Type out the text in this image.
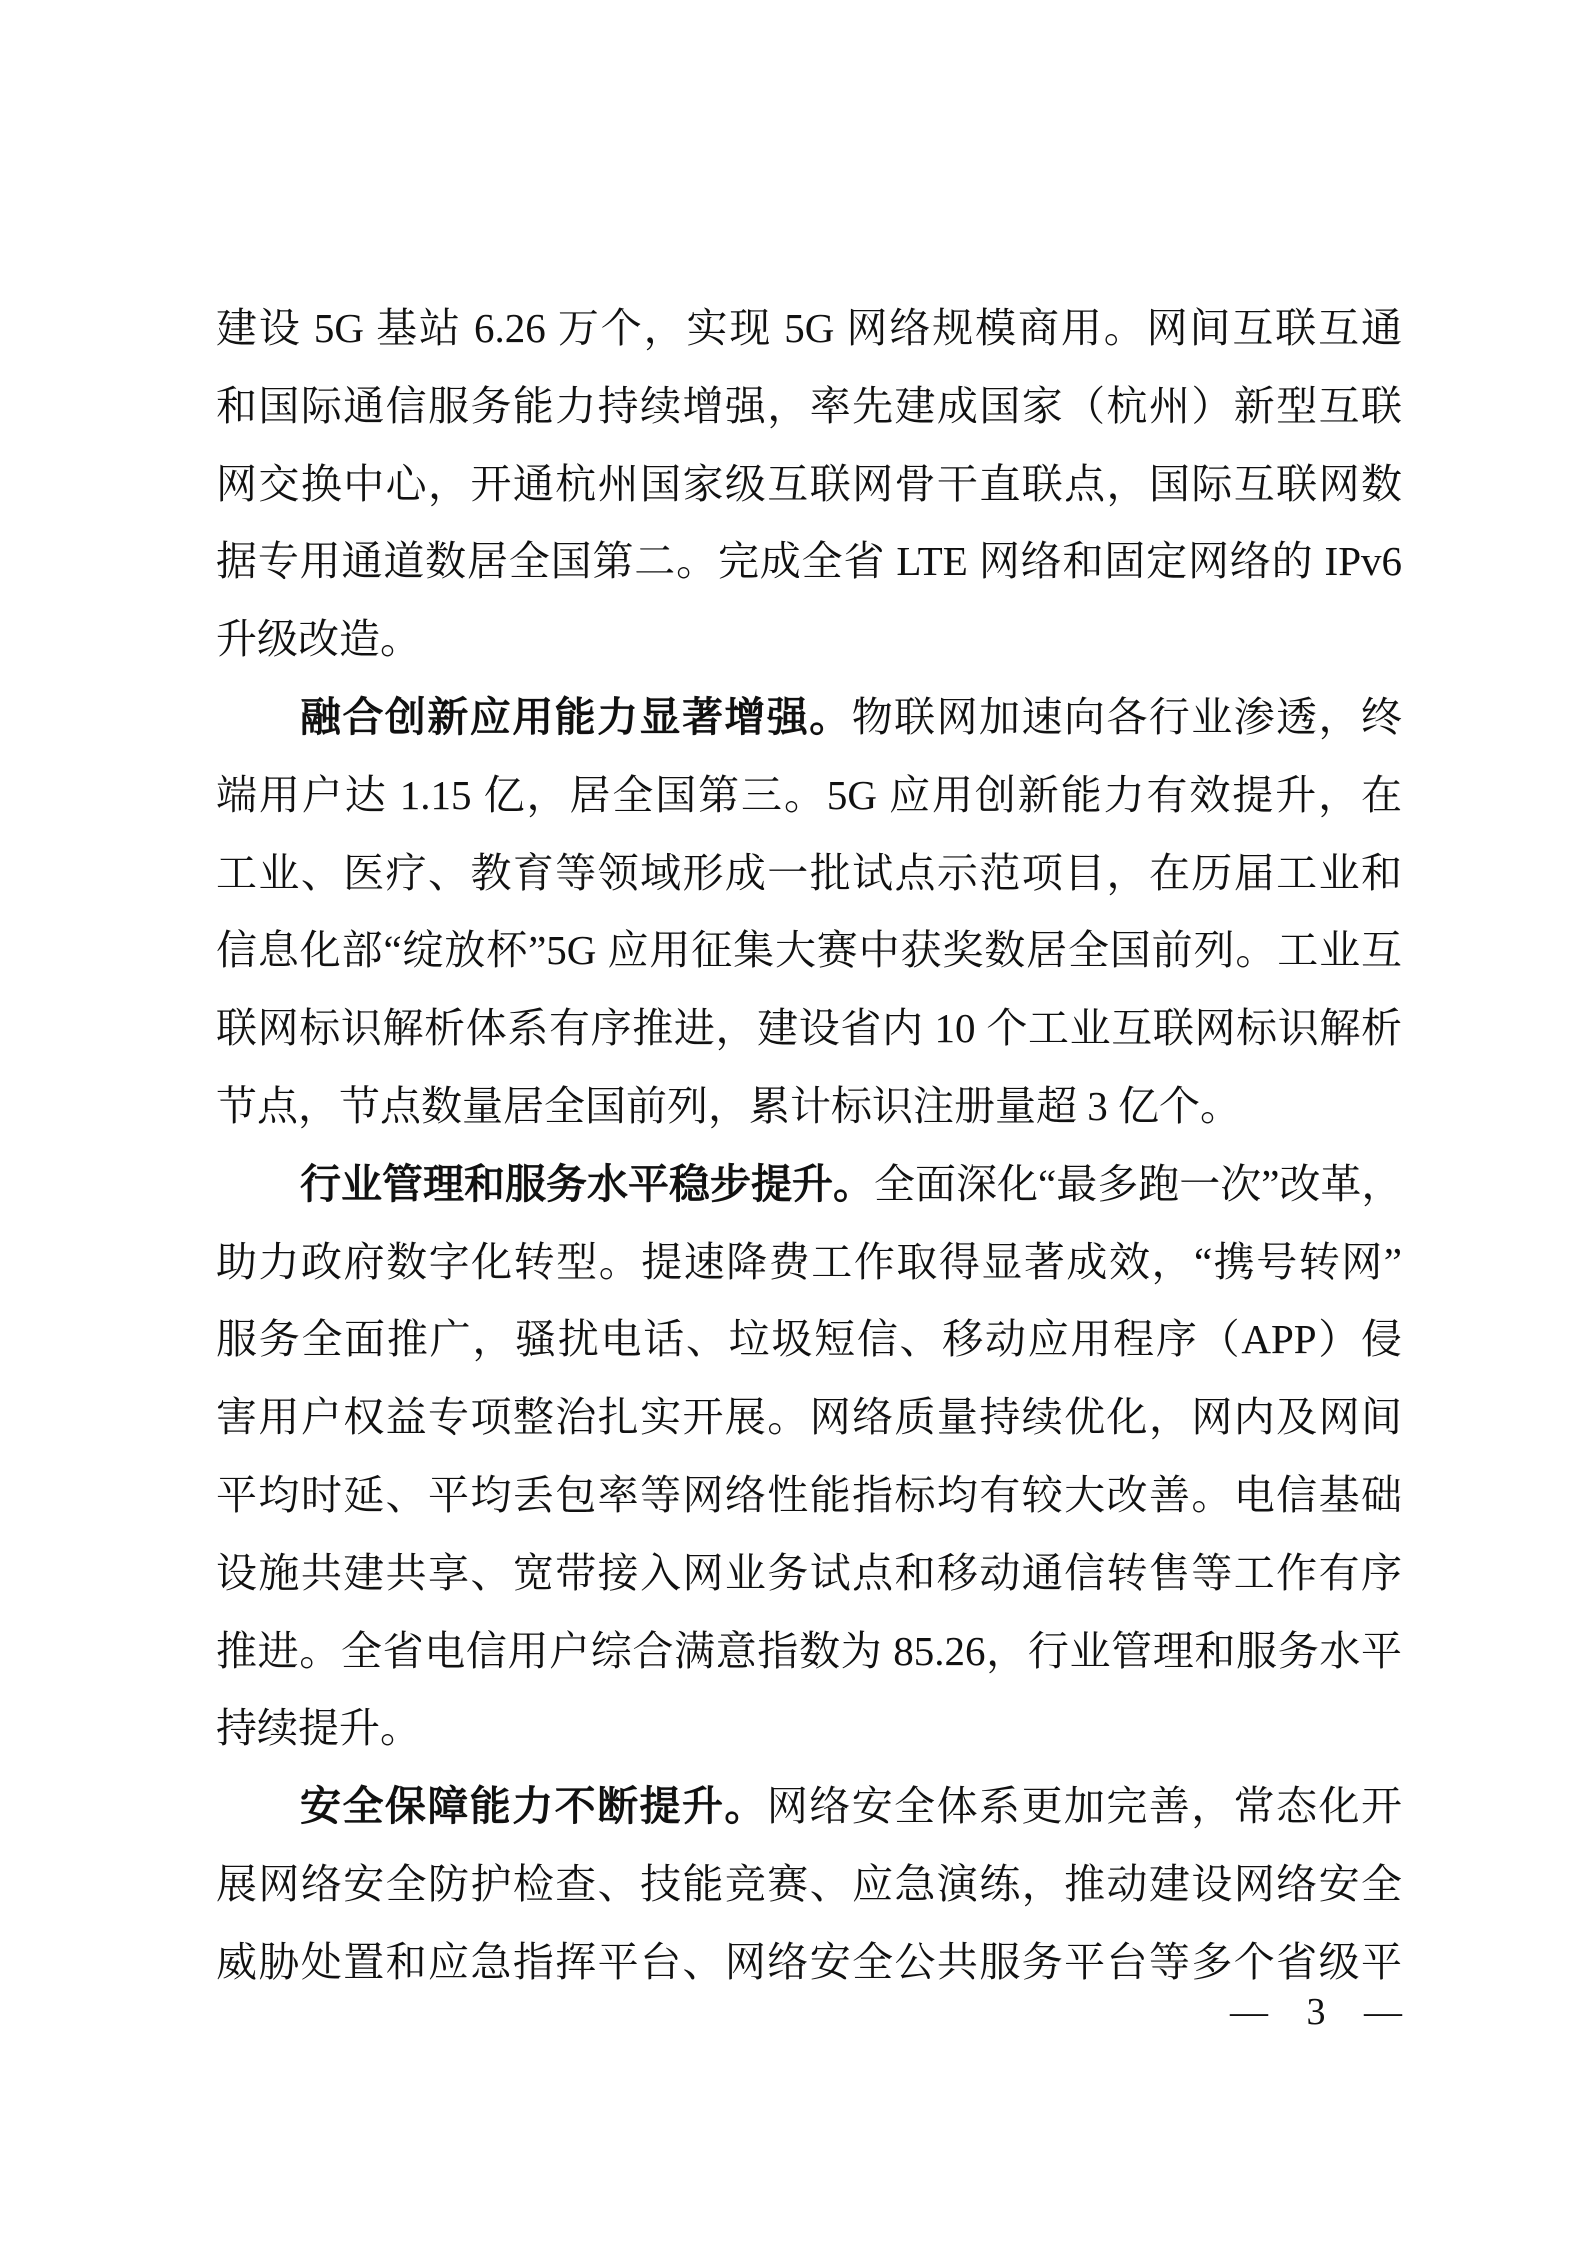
建设 5G 基站 6.26 万个，实现 5G 网络规模商用。网间互联互通
和国际通信服务能力持续增强，率先建成国家（杭州）新型互联
网交换中心，开通杭州国家级互联网骨干直联点，国际互联网数
据专用通道数居全国第二。完成全省 LTE 网络和固定网络的 IPv6
升级改造。
融合创新应用能力显著增强。物联网加速向各行业渗透，终
端用户达 1.15 亿，居全国第三。5G 应用创新能力有效提升，在
工业、医疗、教育等领域形成一批试点示范项目，在历届工业和
信息化部“绽放杯”5G 应用征集大赛中获奖数居全国前列。工业互
联网标识解析体系有序推进，建设省内 10 个工业互联网标识解析
节点，节点数量居全国前列，累计标识注册量超 3 亿个。
行业管理和服务水平稳步提升。全面深化“最多跑一次”改革，
助力政府数字化转型。提速降费工作取得显著成效，“携号转网”
服务全面推广，骚扰电话、垃圾短信、移动应用程序（APP）侵
害用户权益专项整治扎实开展。网络质量持续优化，网内及网间
平均时延、平均丢包率等网络性能指标均有较大改善。电信基础
设施共建共享、宽带接入网业务试点和移动通信转售等工作有序
推进。全省电信用户综合满意指数为 85.26，行业管理和服务水平
持续提升。
安全保障能力不断提升。网络安全体系更加完善，常态化开
展网络安全防护检查、技能竞赛、应急演练，推动建设网络安全
威胁处置和应急指挥平台、网络安全公共服务平台等多个省级平
— 3 —
